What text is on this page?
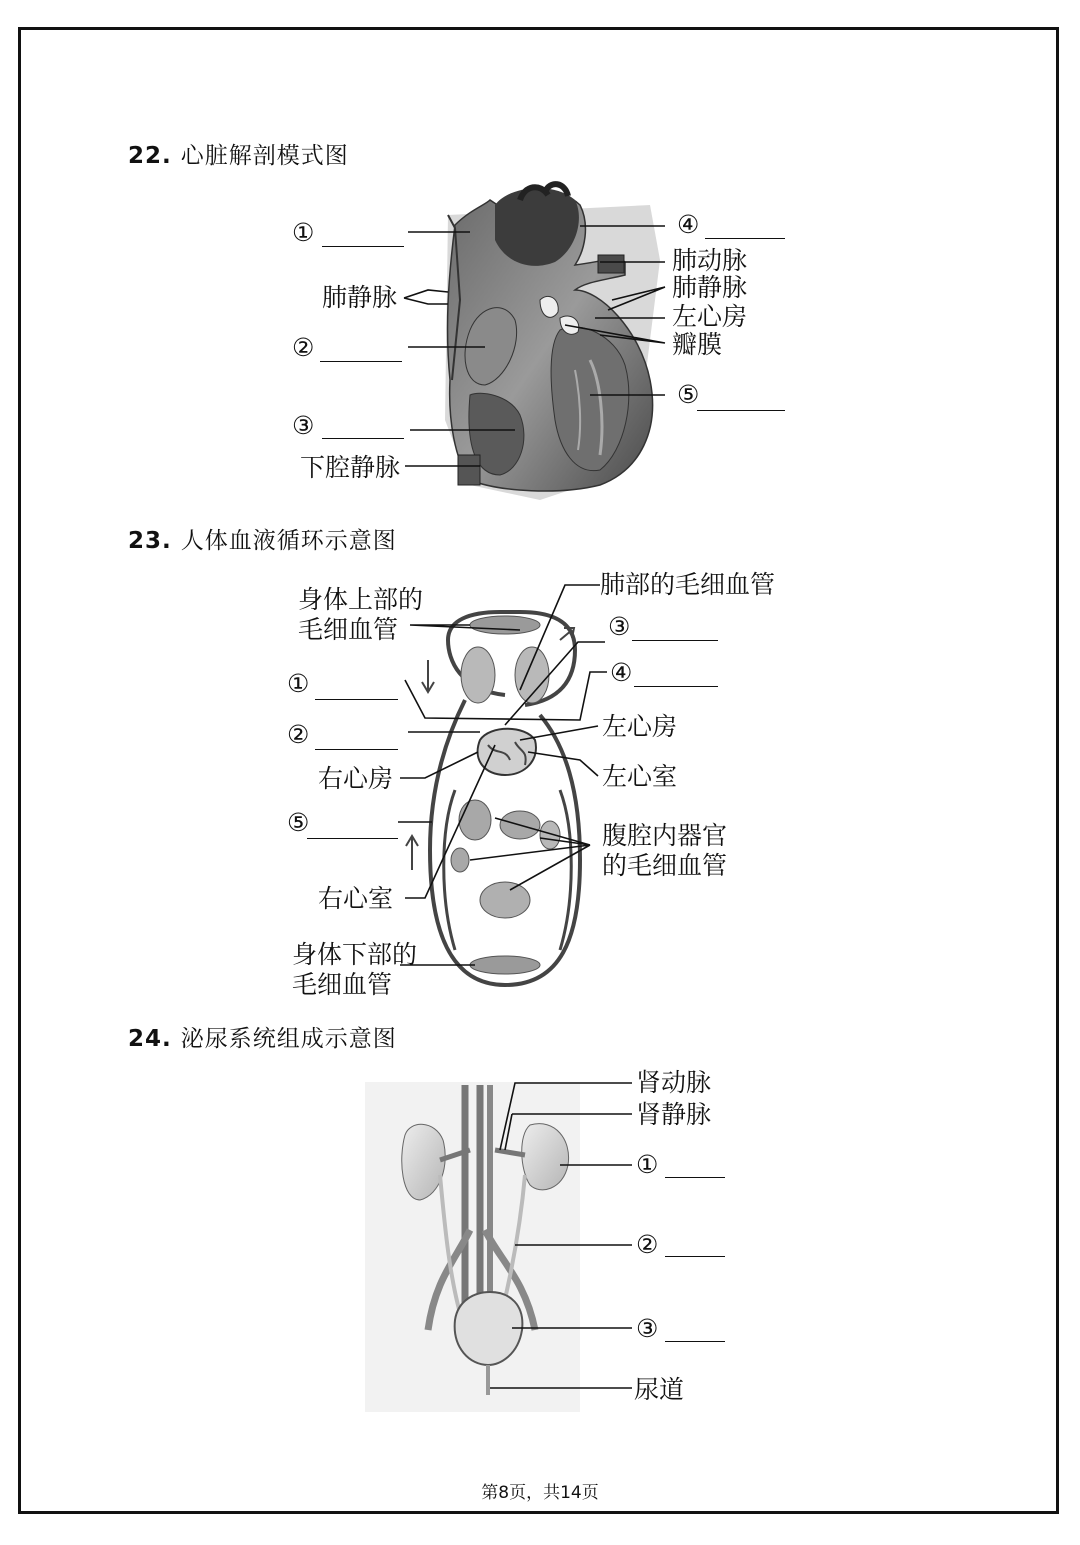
22. 心脏解剖模式图
23. 人体血液循环示意图
24. 泌尿系统组成示意图
①	④
肺动脉
肺静脉	肺静脉
左心房
瓣膜
②
⑤
③
下腔静脉
肺部的毛细血管
身体上部的
毛细血管	③
④
①
左心房
②
右心房	左心室
⑤	腹腔内器官
的毛细血管
右心室
身体下部的
毛细血管
肾动脉
肾静脉
①
②
③
尿道
第8页，共14页
